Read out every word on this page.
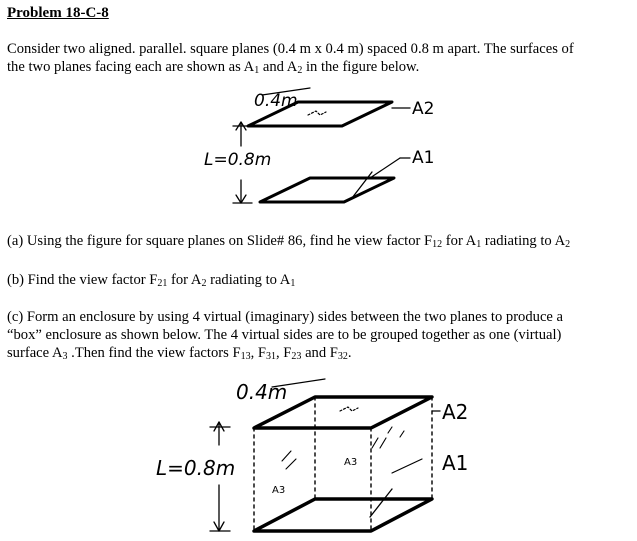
Problem 18-C-8
Consider two aligned. parallel. square planes (0.4 m x 0.4 m) spaced 0.8 m apart. The surfaces of
the two planes facing each are shown as $A_1$ and $A_2$ in the figure below.
0.4m
L=0.8m
A2
A1
(a) Using the figure for square planes on Slide# 86, find he view factor $F_{12}$ for $A_1$ radiating to $A_2$
(b) Find the view factor $F_{21}$ for $A_2$ radiating to $A_1$
(c) Form an enclosure by using 4 virtual (imaginary) sides between the two planes to produce a
“box” enclosure as shown below. The 4 virtual sides are to be grouped together as one (virtual)
surface $A_3$ .Then find the view factors $F_{13}$, $F_{31}$, $F_{23}$ and $F_{32}$.
0.4m
L=0.8m
A2
A1
A3
A3
